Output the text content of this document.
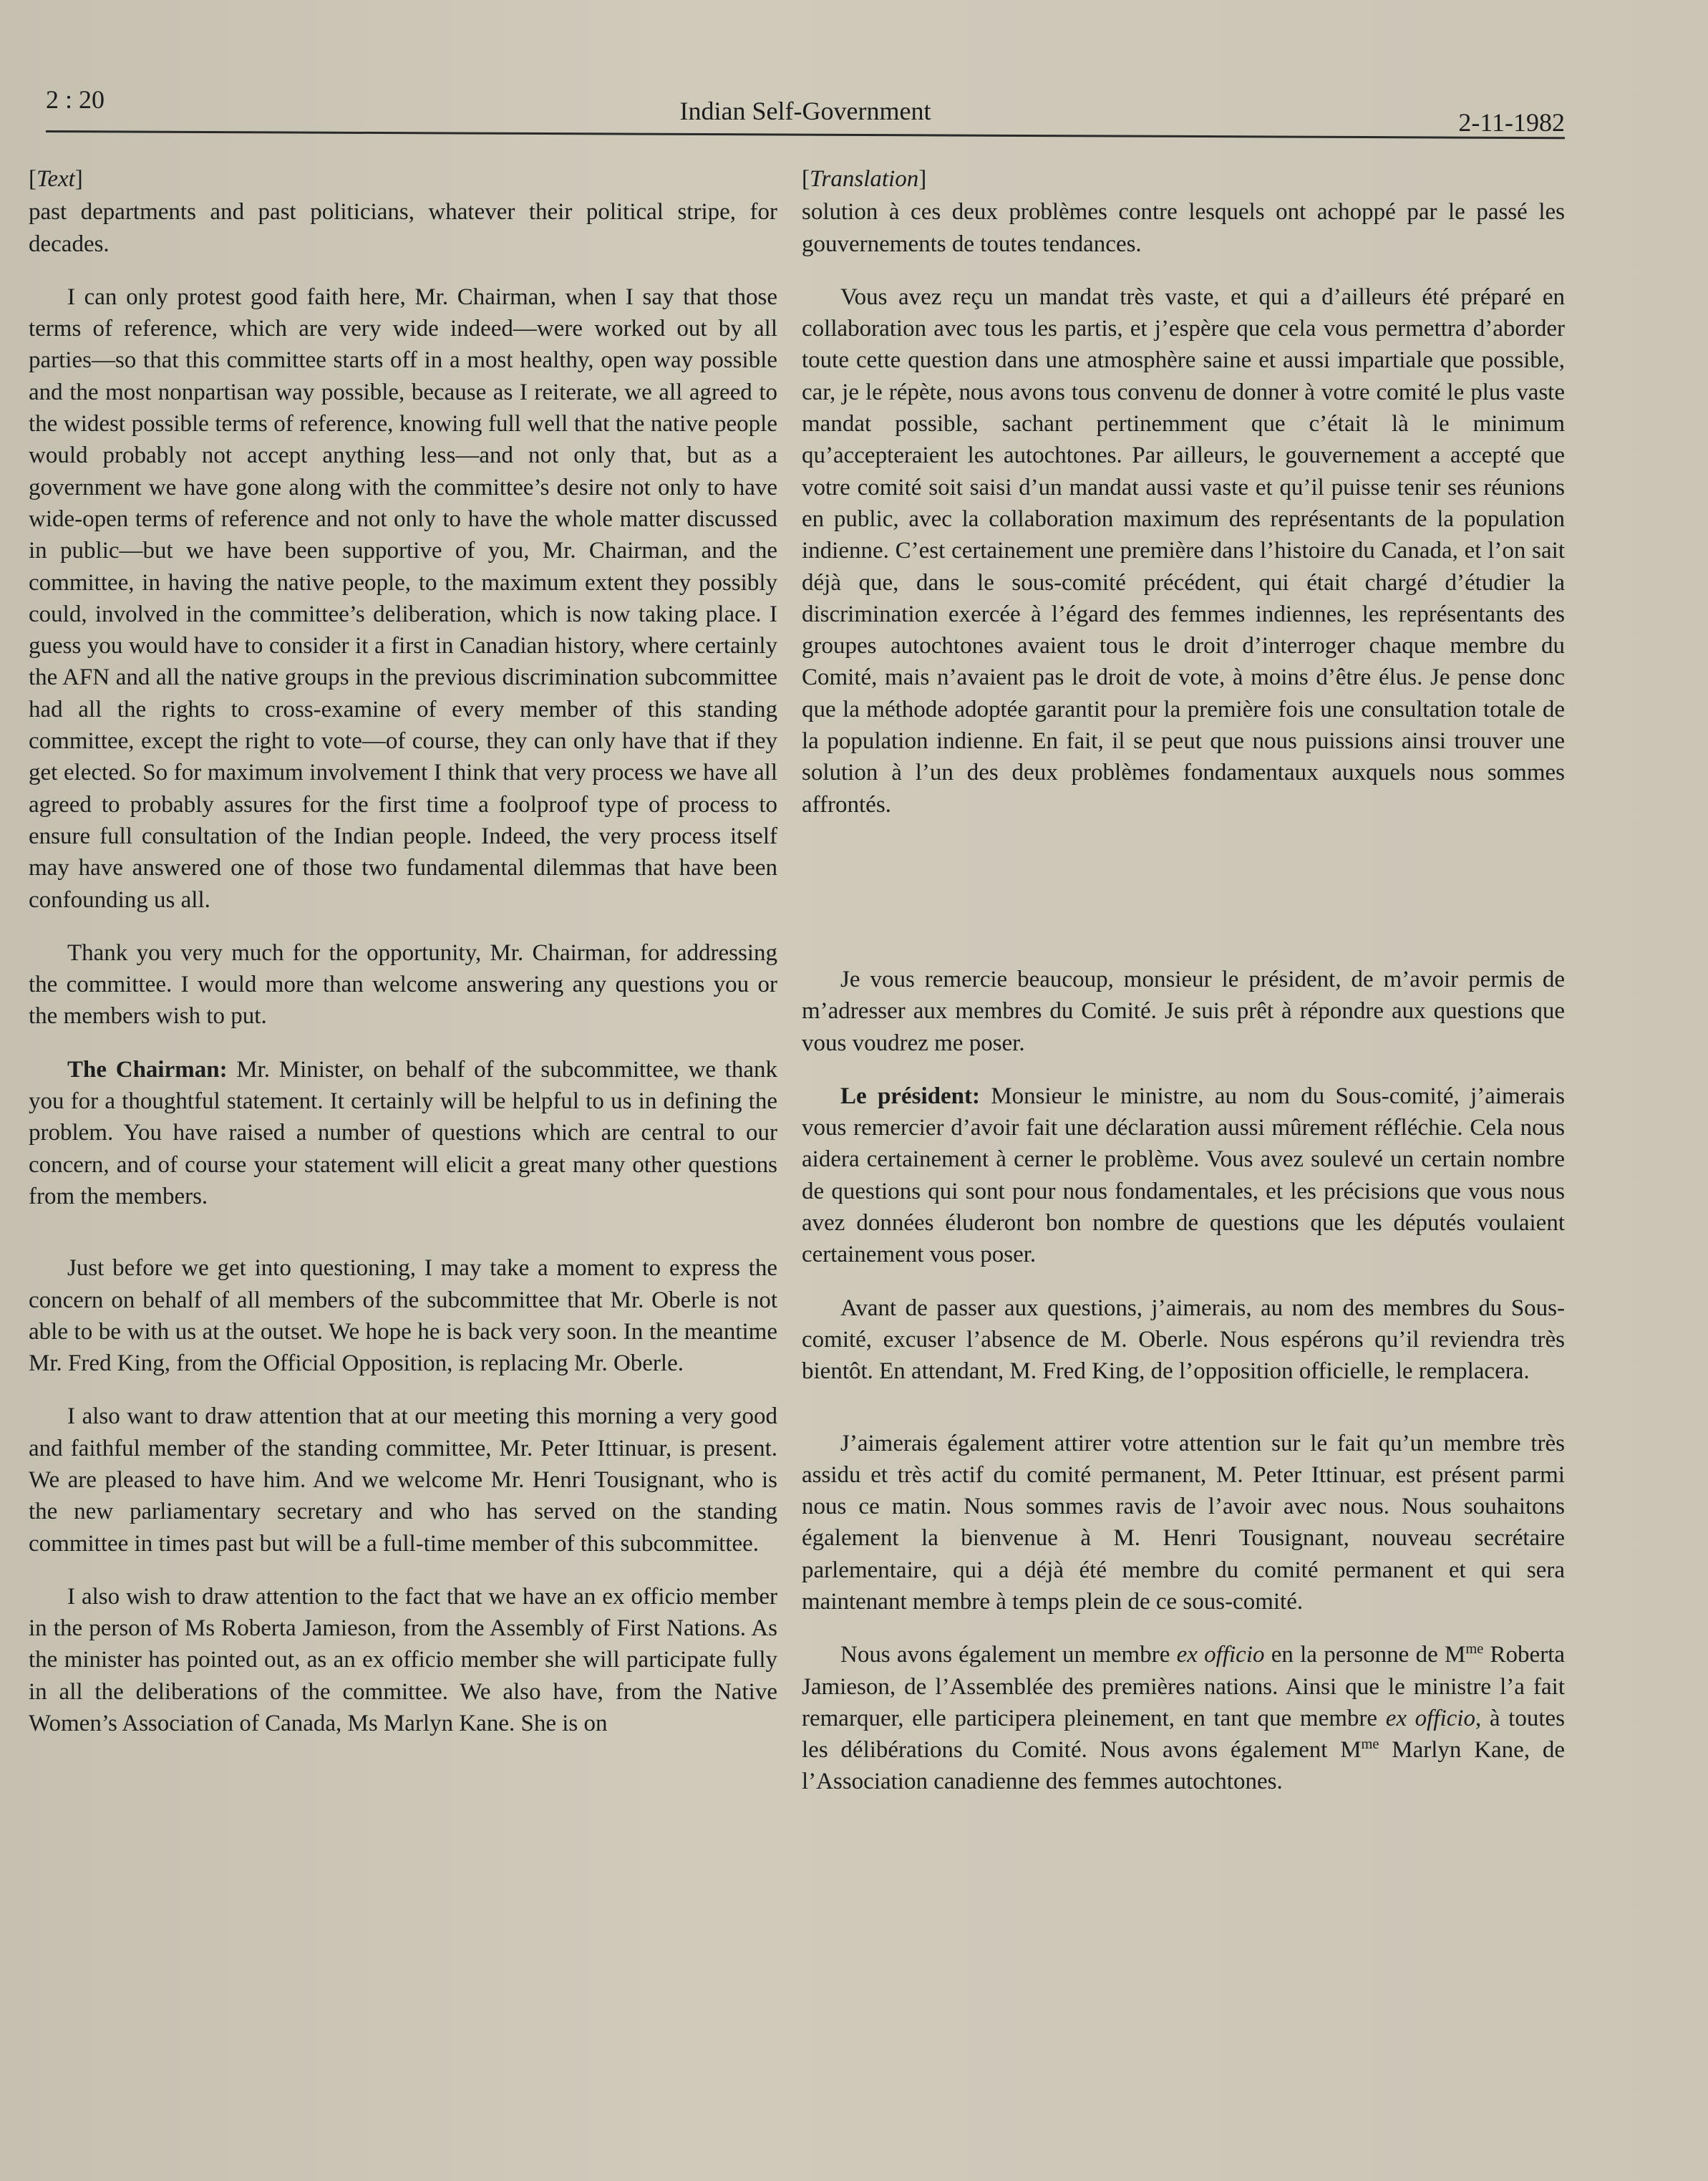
2 : 20	Indian Self-Government	2-11-1982
[Text]

past departments and past politicians, whatever their political stripe, for decades.

I can only protest good faith here, Mr. Chairman, when I say that those terms of reference, which are very wide indeed—were worked out by all parties—so that this committee starts off in a most healthy, open way possible and the most nonpartisan way possible, because as I reiterate, we all agreed to the widest possible terms of reference, knowing full well that the native people would probably not accept anything less—and not only that, but as a government we have gone along with the committee’s desire not only to have wide-open terms of reference and not only to have the whole matter discussed in public—but we have been supportive of you, Mr. Chairman, and the committee, in having the native people, to the maximum extent they possibly could, involved in the committee’s deliberation, which is now taking place. I guess you would have to consider it a first in Canadian history, where certainly the AFN and all the native groups in the previous discrimination subcommittee had all the rights to cross-examine of every member of this standing committee, except the right to vote—of course, they can only have that if they get elected. So for maximum involvement I think that very process we have all agreed to probably assures for the first time a foolproof type of process to ensure full consultation of the Indian people. Indeed, the very process itself may have answered one of those two fundamental dilemmas that have been confounding us all.

Thank you very much for the opportunity, Mr. Chairman, for addressing the committee. I would more than welcome answering any questions you or the members wish to put.

The Chairman: Mr. Minister, on behalf of the subcommittee, we thank you for a thoughtful statement. It certainly will be helpful to us in defining the problem. You have raised a number of questions which are central to our concern, and of course your statement will elicit a great many other questions from the members.

Just before we get into questioning, I may take a moment to express the concern on behalf of all members of the subcommittee that Mr. Oberle is not able to be with us at the outset. We hope he is back very soon. In the meantime Mr. Fred King, from the Official Opposition, is replacing Mr. Oberle.

I also want to draw attention that at our meeting this morning a very good and faithful member of the standing committee, Mr. Peter Ittinuar, is present. We are pleased to have him. And we welcome Mr. Henri Tousignant, who is the new parliamentary secretary and who has served on the standing committee in times past but will be a full-time member of this subcommittee.

I also wish to draw attention to the fact that we have an ex officio member in the person of Ms Roberta Jamieson, from the Assembly of First Nations. As the minister has pointed out, as an ex officio member she will participate fully in all the deliberations of the committee. We also have, from the Native Women’s Association of Canada, Ms Marlyn Kane. She is on

[Translation]

solution à ces deux problèmes contre lesquels ont achoppé par le passé les gouvernements de toutes tendances.

Vous avez reçu un mandat très vaste, et qui a d’ailleurs été préparé en collaboration avec tous les partis, et j’espère que cela vous permettra d’aborder toute cette question dans une atmosphère saine et aussi impartiale que possible, car, je le répète, nous avons tous convenu de donner à votre comité le plus vaste mandat possible, sachant pertinemment que c’était là le minimum qu’accepteraient les autochtones. Par ailleurs, le gouvernement a accepté que votre comité soit saisi d’un mandat aussi vaste et qu’il puisse tenir ses réunions en public, avec la collaboration maximum des représentants de la population indienne. C’est certainement une première dans l’histoire du Canada, et l’on sait déjà que, dans le sous-comité précédent, qui était chargé d’étudier la discrimination exercée à l’égard des femmes indiennes, les représentants des groupes autochtones avaient tous le droit d’interroger chaque membre du Comité, mais n’avaient pas le droit de vote, à moins d’être élus. Je pense donc que la méthode adoptée garantit pour la première fois une consultation totale de la population indienne. En fait, il se peut que nous puissions ainsi trouver une solution à l’un des deux problèmes fondamentaux auxquels nous sommes affrontés.

Je vous remercie beaucoup, monsieur le président, de m’avoir permis de m’adresser aux membres du Comité. Je suis prêt à répondre aux questions que vous voudrez me poser.

Le président: Monsieur le ministre, au nom du Sous-comité, j’aimerais vous remercier d’avoir fait une déclaration aussi mûrement réfléchie. Cela nous aidera certainement à cerner le problème. Vous avez soulevé un certain nombre de questions qui sont pour nous fondamentales, et les précisions que vous nous avez données éluderont bon nombre de questions que les députés voulaient certainement vous poser.

Avant de passer aux questions, j’aimerais, au nom des membres du Sous-comité, excuser l’absence de M. Oberle. Nous espérons qu’il reviendra très bientôt. En attendant, M. Fred King, de l’opposition officielle, le remplacera.

J’aimerais également attirer votre attention sur le fait qu’un membre très assidu et très actif du comité permanent, M. Peter Ittinuar, est présent parmi nous ce matin. Nous sommes ravis de l’avoir avec nous. Nous souhaitons également la bienvenue à M. Henri Tousignant, nouveau secrétaire parlementaire, qui a déjà été membre du comité permanent et qui sera maintenant membre à temps plein de ce sous-comité.

Nous avons également un membre ex officio en la personne de $M^{me}$ Roberta Jamieson, de l’Assemblée des premières nations. Ainsi que le ministre l’a fait remarquer, elle participera pleinement, en tant que membre ex officio, à toutes les délibérations du Comité. Nous avons également $M^{me}$ Marlyn Kane, de l’Association canadienne des femmes autochtones.
